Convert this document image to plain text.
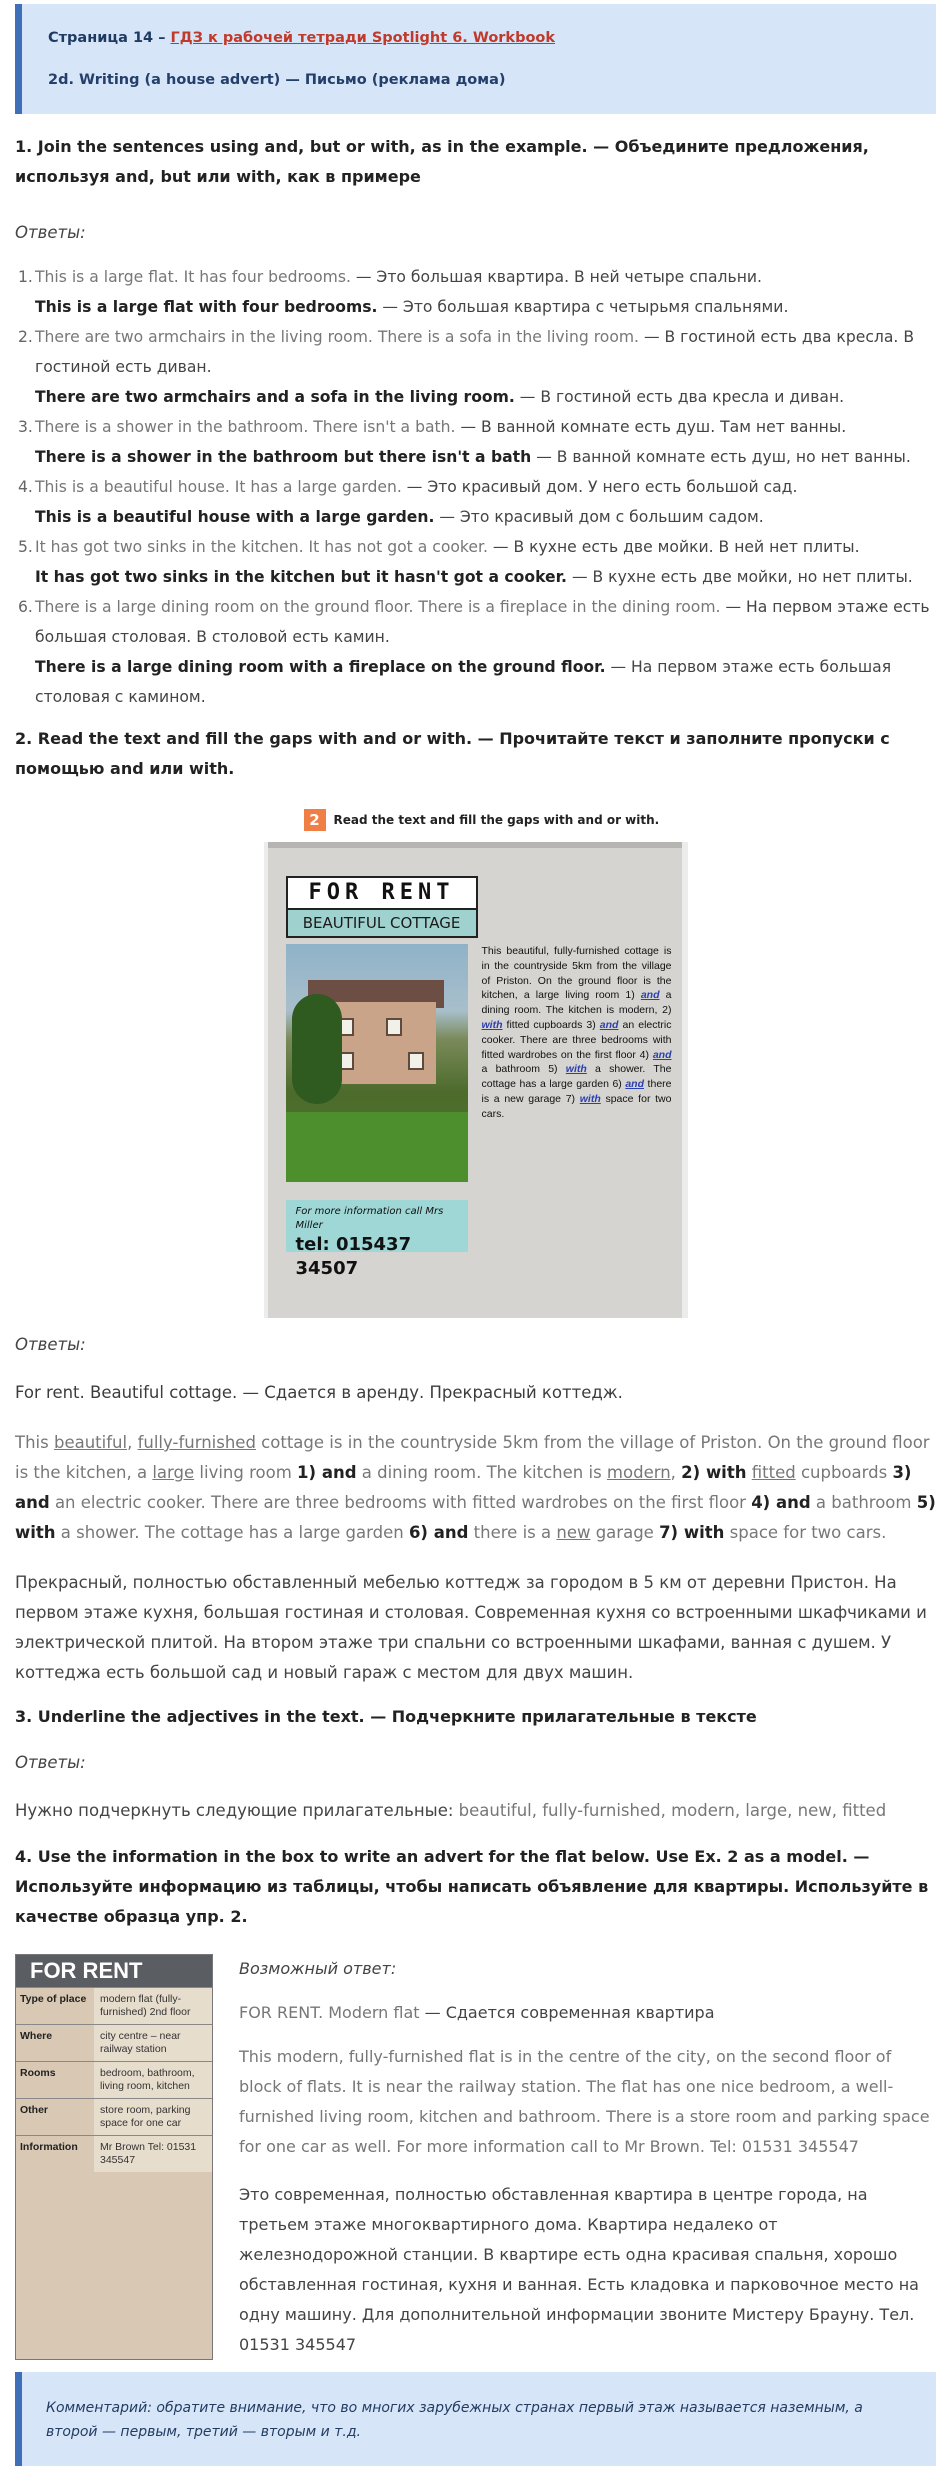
Страница 14 – ГДЗ к рабочей тетради Spotlight 6. Workbook
2d. Writing (a house advert) — Письмо (реклама дома)
1. Join the sentences using and, but or with, as in the example. — Объедините предложения, используя and, but или with, как в примере
Ответы:
1. This is a large flat. It has four bedrooms. — Это большая квартира. В ней четыре спальни.
This is a large flat with four bedrooms. — Это большая квартира с четырьмя спальнями.
2. There are two armchairs in the living room. There is a sofa in the living room. — В гостиной есть два кресла. В гостиной есть диван.
There are two armchairs and a sofa in the living room. — В гостиной есть два кресла и диван.
3. There is a shower in the bathroom. There isn't a bath. — В ванной комнате есть душ. Там нет ванны.
There is a shower in the bathroom but there isn't a bath — В ванной комнате есть душ, но нет ванны.
4. This is a beautiful house. It has a large garden. — Это красивый дом. У него есть большой сад.
This is a beautiful house with a large garden. — Это красивый дом с большим садом.
5. It has got two sinks in the kitchen. It has not got a cooker. — В кухне есть две мойки. В ней нет плиты.
It has got two sinks in the kitchen but it hasn't got a cooker. — В кухне есть две мойки, но нет плиты.
6. There is a large dining room on the ground floor. There is a fireplace in the dining room. — На первом этаже есть большая столовая. В столовой есть камин.
There is a large dining room with a fireplace on the ground floor. — На первом этаже есть большая столовая с камином.
2. Read the text and fill the gaps with and or with. — Прочитайте текст и заполните пропуски с помощью and или with.
2	Read the text and fill the gaps with and or with.
FOR RENT
BEAUTIFUL COTTAGE
For more information call Mrs Miller
tel: 015437 34507
This beautiful, fully-furnished cottage is in the countryside 5km from the village of Priston. On the ground floor is the kitchen, a large living room 1) and a dining room. The kitchen is modern, 2) with fitted cupboards 3) and an electric cooker. There are three bedrooms with fitted wardrobes on the first floor 4) and a bathroom 5) with a shower. The cottage has a large garden 6) and there is a new garage 7) with space for two cars.
Ответы:

For rent. Beautiful cottage. — Сдается в аренду. Прекрасный коттедж.

This beautiful, fully-furnished cottage is in the countryside 5km from the village of Priston. On the ground floor is the kitchen, a large living room 1) and a dining room. The kitchen is modern, 2) with fitted cupboards 3) and an electric cooker. There are three bedrooms with fitted wardrobes on the first floor 4) and a bathroom 5) with a shower. The cottage has a large garden 6) and there is a new garage 7) with space for two cars.

Прекрасный, полностью обставленный мебелью коттедж за городом в 5 км от деревни Пристон. На первом этаже кухня, большая гостиная и столовая. Современная кухня со встроенными шкафчиками и электрической плитой. На втором этаже три спальни со встроенными шкафами, ванная с душем. У коттеджа есть большой сад и новый гараж с местом для двух машин.

3. Underline the adjectives in the text. — Подчеркните прилагательные в тексте
Ответы:

Нужно подчеркнуть следующие прилагательные: beautiful, fully-furnished, modern, large, new, fitted

4. Use the information in the box to write an advert for the flat below. Use Ex. 2 as a model. — Используйте информацию из таблицы, чтобы написать объявление для квартиры. Используйте в качестве образца упр. 2.
FOR RENT
Type of place	modern flat (fully-furnished) 2nd floor
Where	city centre – near railway station
Rooms	bedroom, bathroom, living room, kitchen
Other	store room, parking space for one car
Information	Mr Brown Tel: 01531 345547
Возможный ответ:

FOR RENT. Modern flat — Сдается современная квартира

This modern, fully-furnished flat is in the centre of the city, on the second floor of block of flats. It is near the railway station. The flat has one nice bedroom, a well-furnished living room, kitchen and bathroom. There is a store room and parking space for one car as well. For more information call to Mr Brown. Tel: 01531 345547

Это современная, полностью обставленная квартира в центре города, на третьем этаже многоквартирного дома. Квартира недалеко от железнодорожной станции. В квартире есть одна красивая спальня, хорошо обставленная гостиная, кухня и ванная. Есть кладовка и парковочное место на одну машину. Для дополнительной информации звоните Мистеру Брауну. Тел. 01531 345547

Комментарий: обратите внимание, что во многих зарубежных странах первый этаж называется наземным, а второй — первым, третий — вторым и т.д.
